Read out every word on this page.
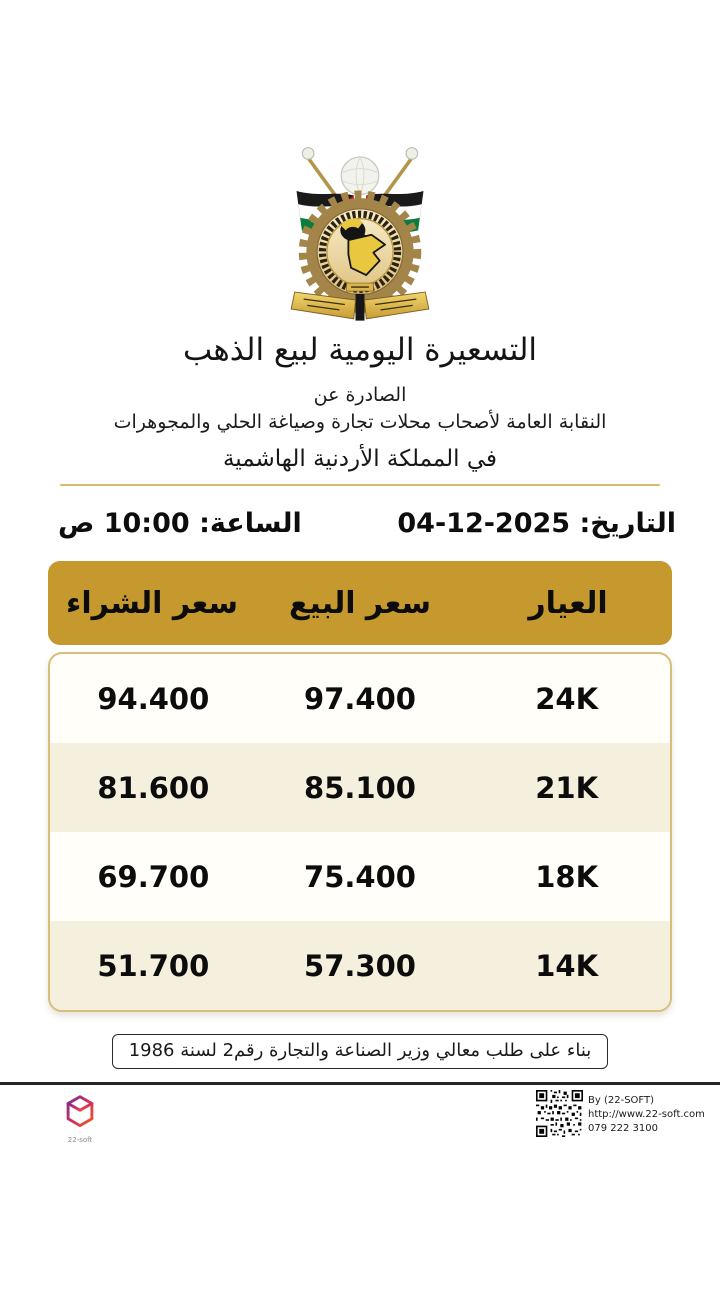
التسعيرة اليومية لبيع الذهب
الصادرة عن
النقابة العامة لأصحاب محلات تجارة وصياغة الحلي والمجوهرات
في المملكة الأردنية الهاشمية
التاريخ: 04-12-2025
الساعة: 10:00 ص
العيار
سعر البيع
سعر الشراء
24K
97.400
94.400
21K
85.100
81.600
18K
75.400
69.700
14K
57.300
51.700
بناء على طلب معالي وزير الصناعة والتجارة رقم2 لسنة 1986
22-soft
By (22-SOFT)
http://www.22-soft.com
079 222 3100
